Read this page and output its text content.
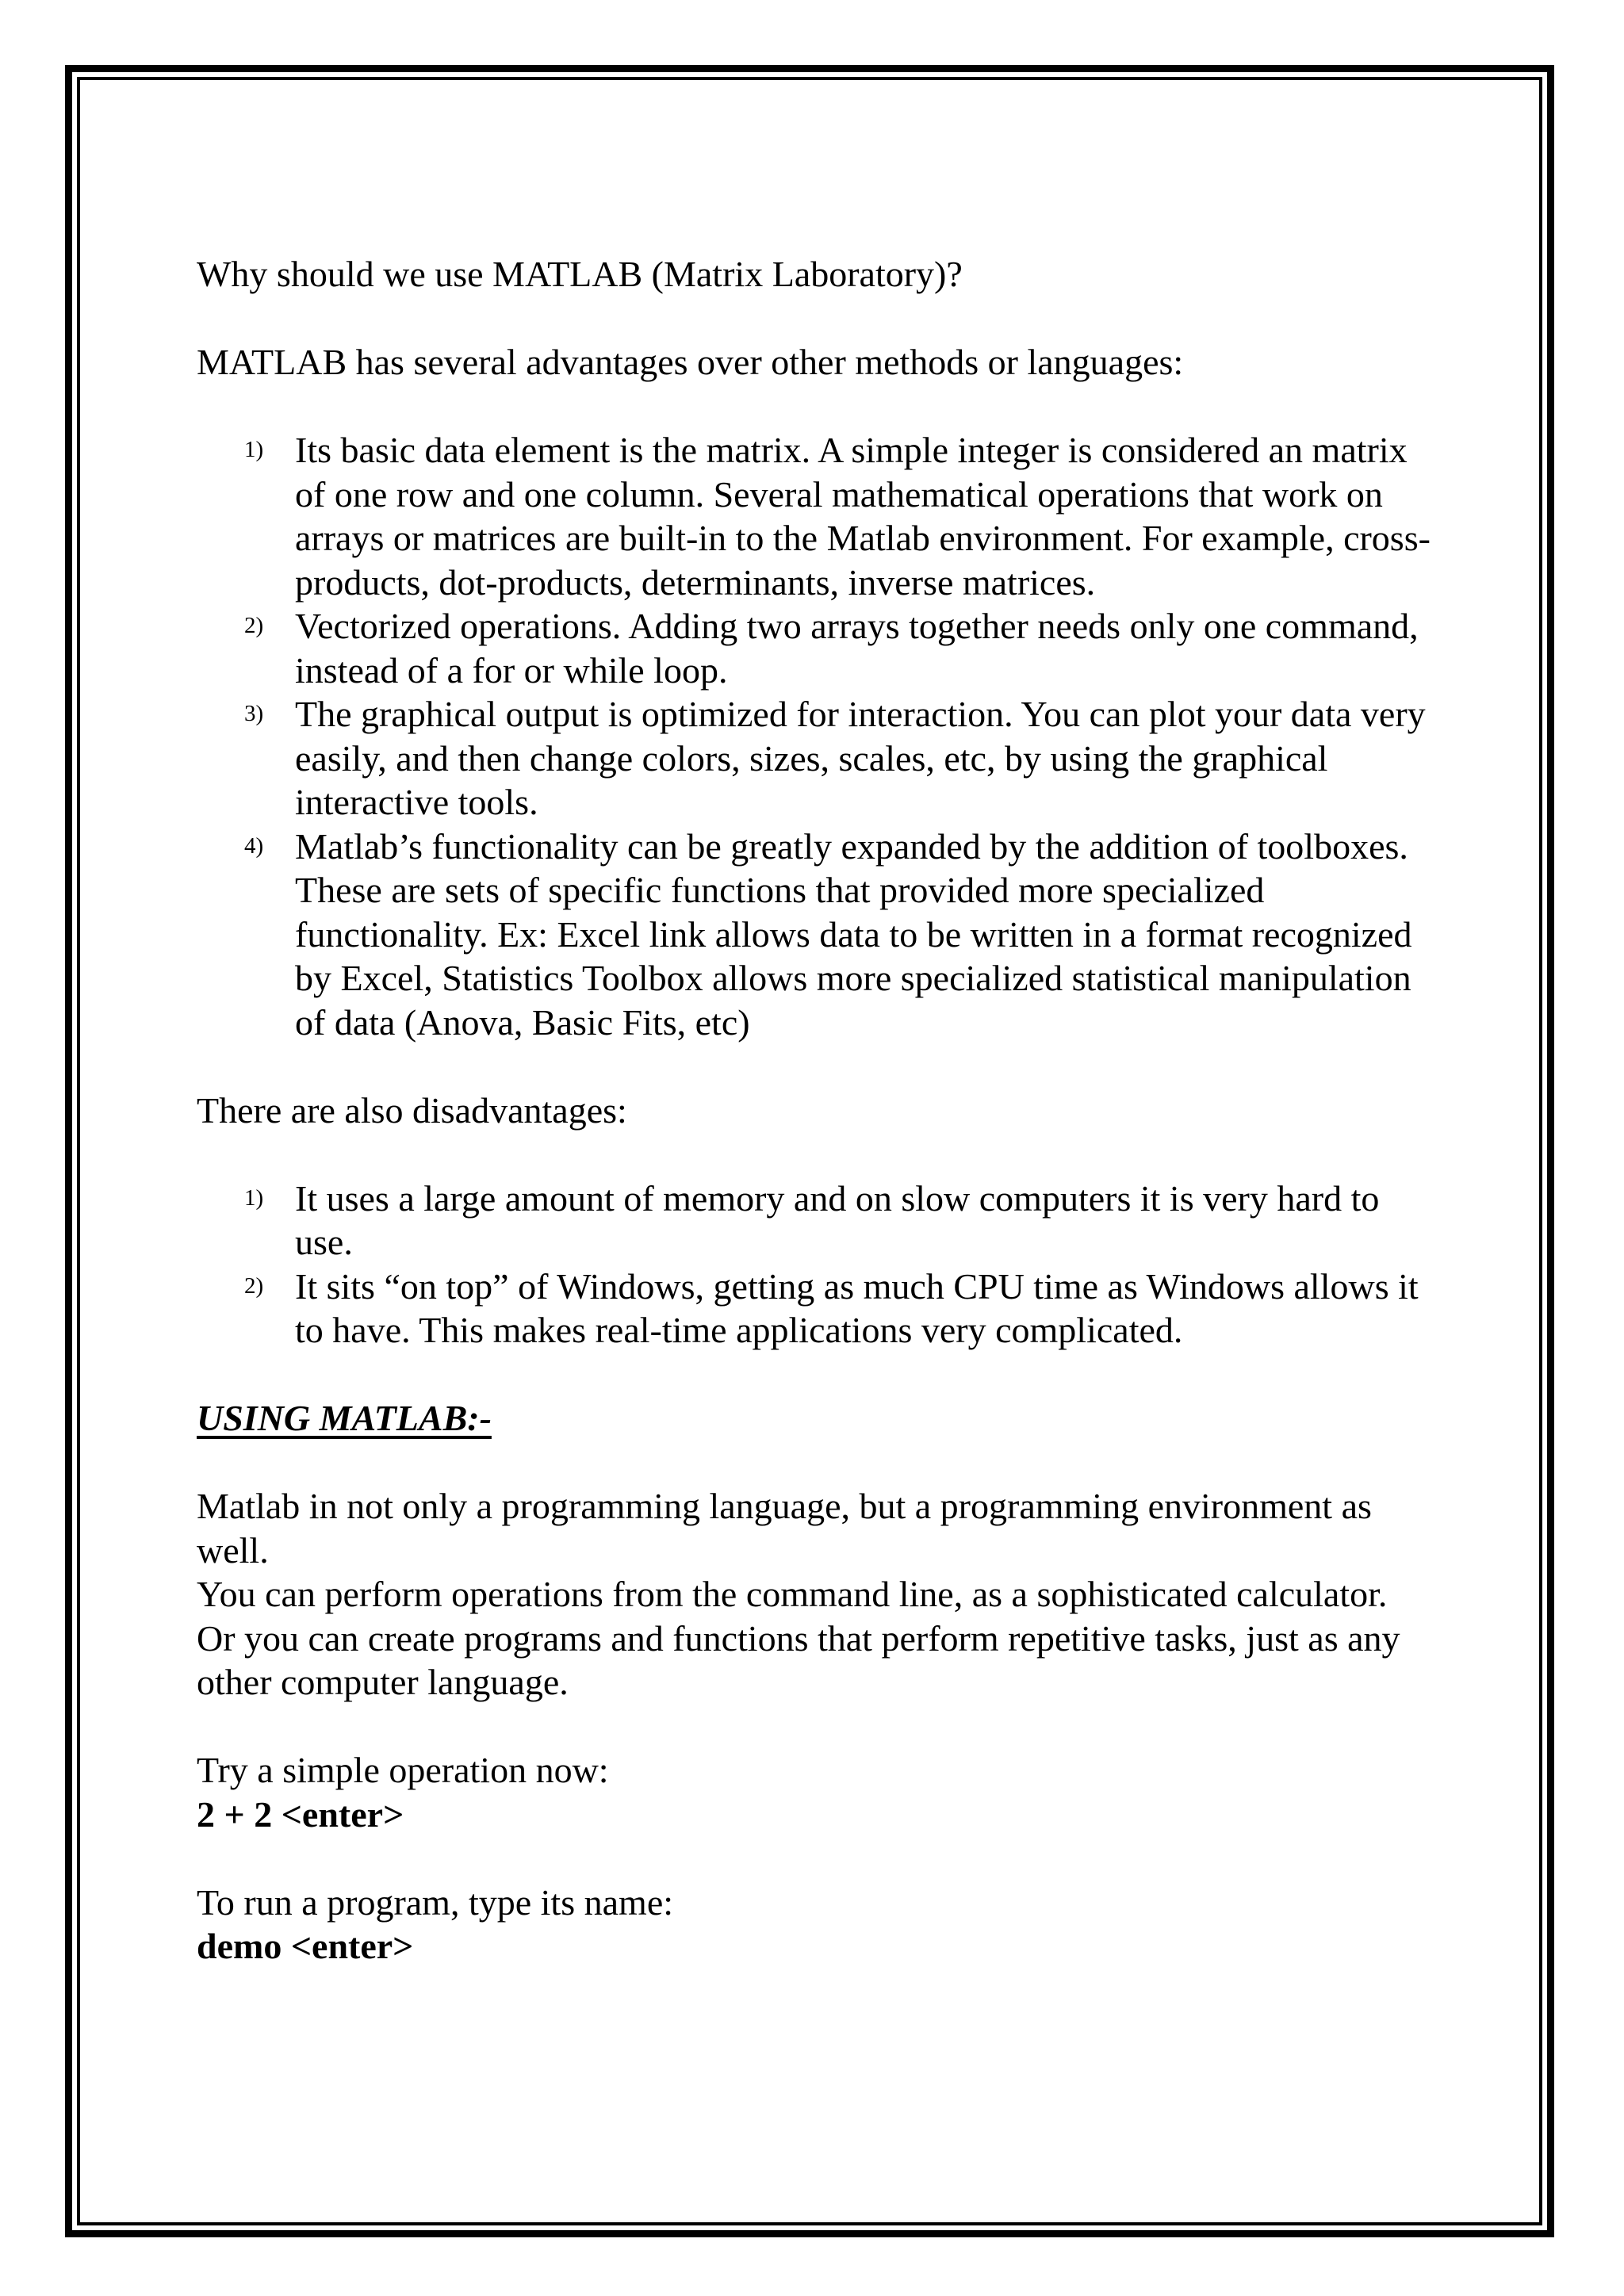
Why should we use MATLAB (Matrix Laboratory)?

MATLAB has several advantages over other methods or languages:

1) Its basic data element is the matrix. A simple integer is considered an matrix of one row and one column. Several mathematical operations that work on arrays or matrices are built-in to the Matlab environment. For example, cross-products, dot-products, determinants, inverse matrices.
2) Vectorized operations. Adding two arrays together needs only one command, instead of a for or while loop.
3) The graphical output is optimized for interaction. You can plot your data very easily, and then change colors, sizes, scales, etc, by using the graphical interactive tools.
4) Matlab’s functionality can be greatly expanded by the addition of toolboxes. These are sets of specific functions that provided more specialized functionality. Ex: Excel link allows data to be written in a format recognized by Excel, Statistics Toolbox allows more specialized statistical manipulation of data (Anova, Basic Fits, etc)

There are also disadvantages:

1) It uses a large amount of memory and on slow computers it is very hard to use.
2) It sits “on top” of Windows, getting as much CPU time as Windows allows it to have. This makes real-time applications very complicated.

USING MATLAB:-

Matlab in not only a programming language, but a programming environment as well.

You can perform operations from the command line, as a sophisticated calculator.

Or you can create programs and functions that perform repetitive tasks, just as any other computer language.

Try a simple operation now:

2 + 2 <enter>

To run a program, type its name:

demo <enter>
